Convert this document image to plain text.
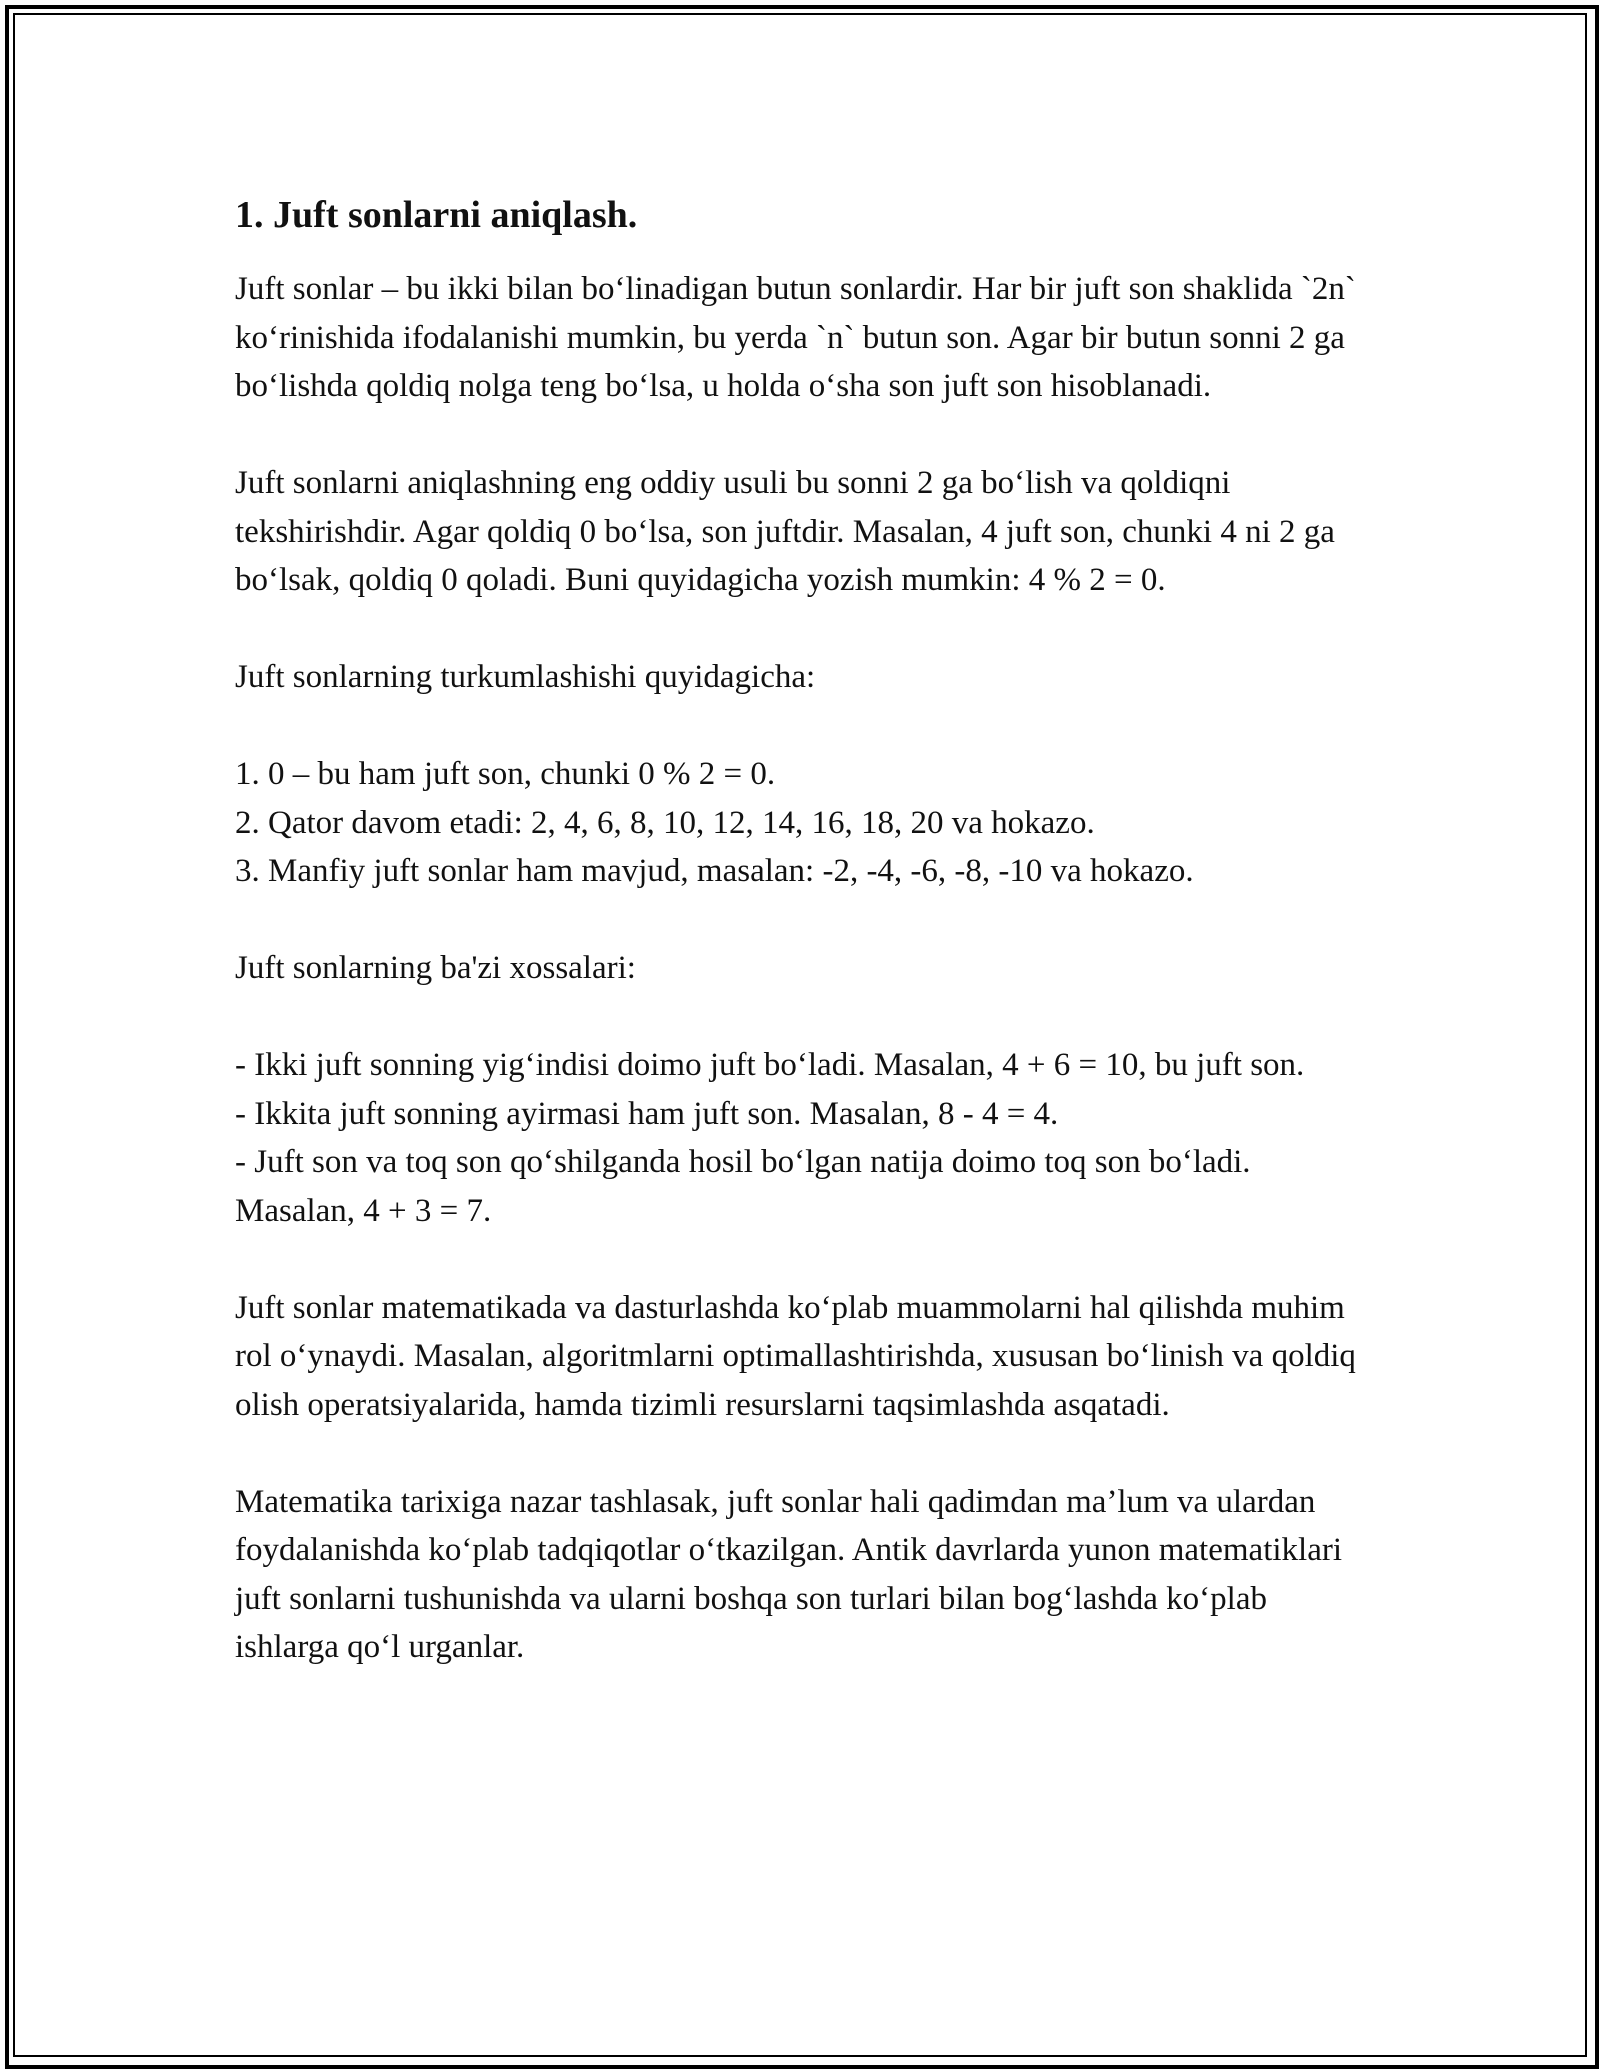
1. Juft sonlarni aniqlash.

Juft sonlar – bu ikki bilan bo‘linadigan butun sonlardir. Har bir juft son shaklida `2n` ko‘rinishida ifodalanishi mumkin, bu yerda `n` butun son. Agar bir butun sonni 2 ga bo‘lishda qoldiq nolga teng bo‘lsa, u holda o‘sha son juft son hisoblanadi.

Juft sonlarni aniqlashning eng oddiy usuli bu sonni 2 ga bo‘lish va qoldiqni tekshirishdir. Agar qoldiq 0 bo‘lsa, son juftdir. Masalan, 4 juft son, chunki 4 ni 2 ga bo‘lsak, qoldiq 0 qoladi. Buni quyidagicha yozish mumkin: 4 % 2 = 0.

Juft sonlarning turkumlashishi quyidagicha:

1. 0 – bu ham juft son, chunki 0 % 2 = 0.
2. Qator davom etadi: 2, 4, 6, 8, 10, 12, 14, 16, 18, 20 va hokazo.
3. Manfiy juft sonlar ham mavjud, masalan: -2, -4, -6, -8, -10 va hokazo.

Juft sonlarning ba'zi xossalari:

- Ikki juft sonning yig‘indisi doimo juft bo‘ladi. Masalan, 4 + 6 = 10, bu juft son.
- Ikkita juft sonning ayirmasi ham juft son. Masalan, 8 - 4 = 4.
- Juft son va toq son qo‘shilganda hosil bo‘lgan natija doimo toq son bo‘ladi. Masalan, 4 + 3 = 7.

Juft sonlar matematikada va dasturlashda ko‘plab muammolarni hal qilishda muhim rol o‘ynaydi. Masalan, algoritmlarni optimallashtirishda, xususan bo‘linish va qoldiq olish operatsiyalarida, hamda tizimli resurslarni taqsimlashda asqatadi.

Matematika tarixiga nazar tashlasak, juft sonlar hali qadimdan ma’lum va ulardan foydalanishda ko‘plab tadqiqotlar o‘tkazilgan. Antik davrlarda yunon matematiklari juft sonlarni tushunishda va ularni boshqa son turlari bilan bog‘lashda ko‘plab ishlarga qo‘l urganlar.
